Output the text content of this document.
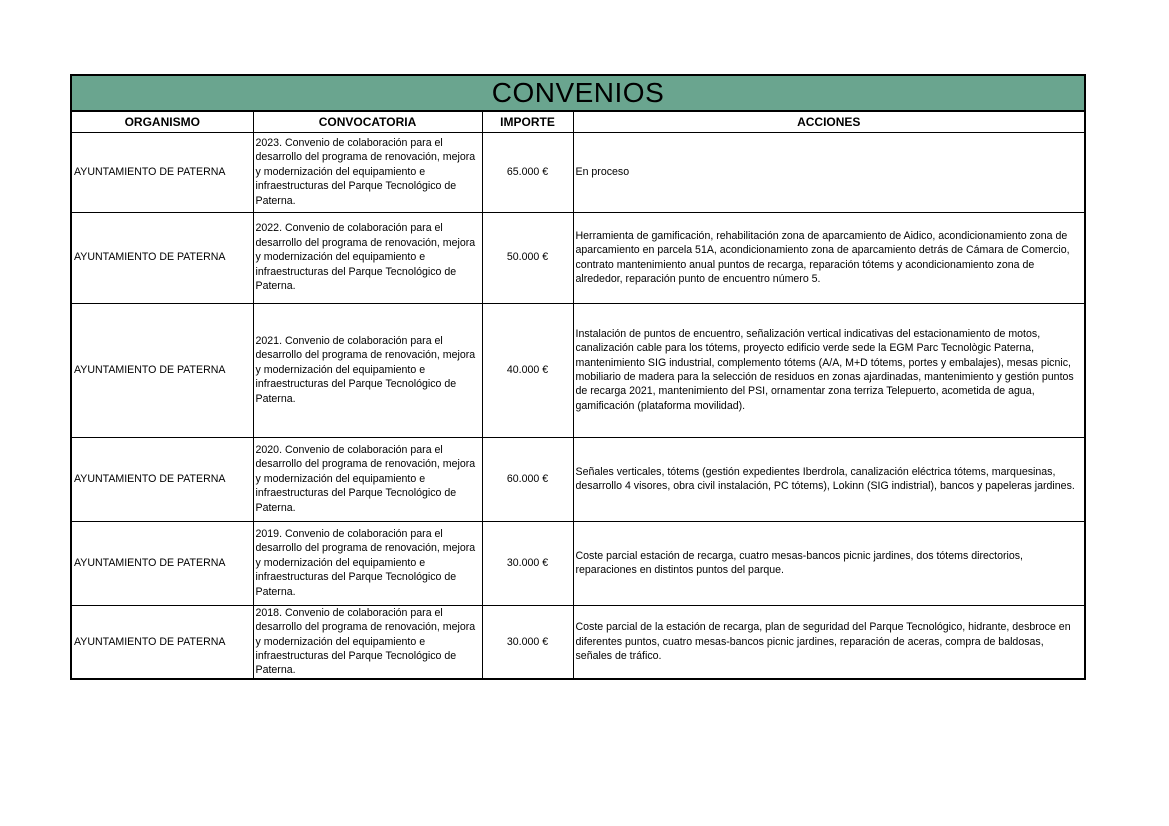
CONVENIOS
ORGANISMO	CONVOCATORIA	IMPORTE	ACCIONES
AYUNTAMIENTO DE PATERNA	2023. Convenio de colaboración para el desarrollo del programa de renovación, mejora y modernización del equipamiento e infraestructuras del Parque Tecnológico de Paterna.	65.000 €	En proceso
AYUNTAMIENTO DE PATERNA	2022. Convenio de colaboración para el desarrollo del programa de renovación, mejora y modernización del equipamiento e infraestructuras del Parque Tecnológico de Paterna.	50.000 €	Herramienta de gamificación, rehabilitación zona de aparcamiento de Aidico, acondicionamiento zona de aparcamiento en parcela 51A, acondicionamiento zona de aparcamiento detrás de Cámara de Comercio, contrato mantenimiento anual puntos de recarga, reparación tótems y acondicionamiento zona de alrededor, reparación punto de encuentro número 5.
AYUNTAMIENTO DE PATERNA	2021. Convenio de colaboración para el desarrollo del programa de renovación, mejora y modernización del equipamiento e infraestructuras del Parque Tecnológico de Paterna.	40.000 €	Instalación de puntos de encuentro, señalización vertical indicativas del estacionamiento de motos, canalización cable para los tótems, proyecto edificio verde sede la EGM Parc Tecnològic Paterna, mantenimiento SIG industrial, complemento tótems (A/A, M+D tótems, portes y embalajes), mesas picnic, mobiliario de madera para la selección de residuos en zonas ajardinadas, mantenimiento y gestión puntos de recarga 2021, mantenimiento del PSI, ornamentar zona terriza Telepuerto, acometida de agua, gamificación (plataforma movilidad).
AYUNTAMIENTO DE PATERNA	2020. Convenio de colaboración para el desarrollo del programa de renovación, mejora y modernización del equipamiento e infraestructuras del Parque Tecnológico de Paterna.	60.000 €	Señales verticales, tótems (gestión expedientes Iberdrola, canalización eléctrica tótems, marquesinas, desarrollo 4 visores, obra civil instalación, PC tótems), Lokinn (SIG indistrial), bancos y papeleras jardines.
AYUNTAMIENTO DE PATERNA	2019. Convenio de colaboración para el desarrollo del programa de renovación, mejora y modernización del equipamiento e infraestructuras del Parque Tecnológico de Paterna.	30.000 €	Coste parcial estación de recarga, cuatro mesas-bancos picnic jardines, dos tótems directorios, reparaciones en distintos puntos del parque.
AYUNTAMIENTO DE PATERNA	2018. Convenio de colaboración para el desarrollo del programa de renovación, mejora y modernización del equipamiento e infraestructuras del Parque Tecnológico de Paterna.	30.000 €	Coste parcial de la estación de recarga, plan de seguridad del Parque Tecnológico, hidrante, desbroce en diferentes puntos, cuatro mesas-bancos picnic jardines, reparación de aceras, compra de baldosas, señales de tráfico.
